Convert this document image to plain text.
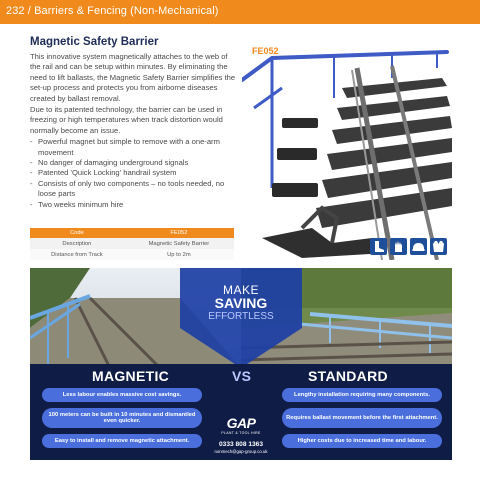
232 / Barriers & Fencing (Non-Mechanical)
Magnetic Safety Barrier

This innovative system magnetically attaches to the web of the rail and can be setup within minutes. By eliminating the need to lift ballasts, the Magnetic Safety Barrier simplifies the set-up process and protects you from airborne diseases created by ballast removal.

Due to its patented technology, the barrier can be used in freezing or high temperatures when track distortion would normally become an issue.

- Powerful magnet but simple to remove with a one-arm movement
- No danger of damaging underground signals
- Patented 'Quick Locking' handrail system
- Consists of only two components – no tools needed, no loose parts
- Two weeks minimum hire
Code	FE052
Description	Magnetic Safety Barrier
Distance from Track	Up to 2m
FE052
MAKE
SAVING
EFFORTLESS
MAGNETIC	VS	STANDARD
Less labour enables massive cost savings.
100 meters can be built in 10 minutes and dismantled even quicker.
Easy to install and remove magnetic attachment.
Lengthy installation requiring many components.
Requires ballast movement before the first attachment.
Higher costs due to increased time and labour.
GAP
PLANT & TOOL HIRE
0333 808 1363
nonmech@gap-group.co.uk
